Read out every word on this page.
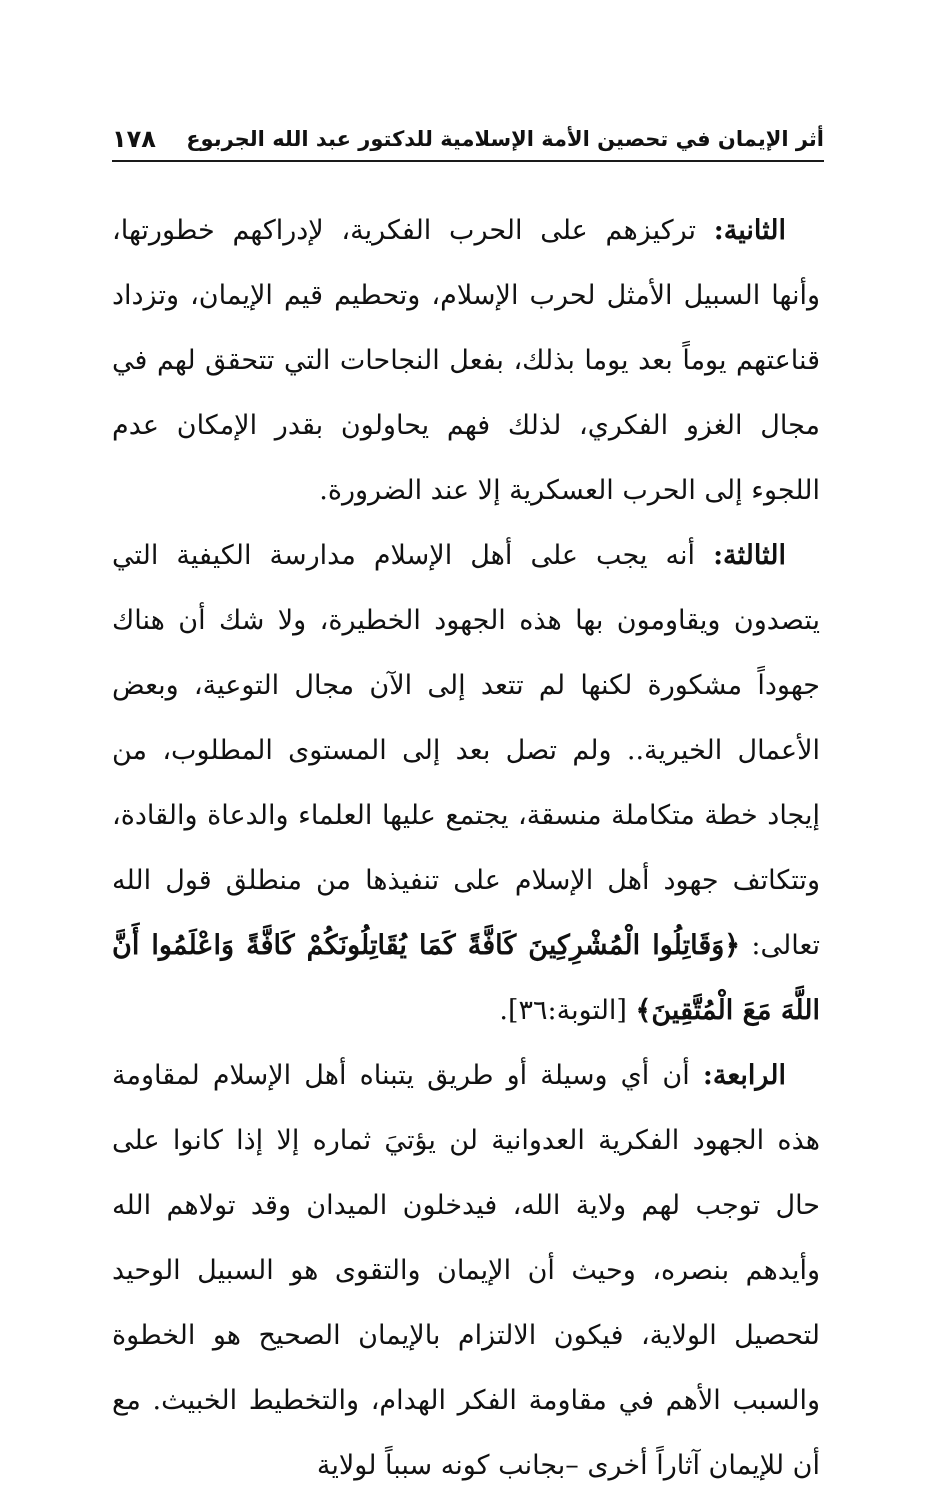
أثر الإيمان في تحصين الأمة الإسلامية للدكتور عبد الله الجربوع
١٧٨

الثانية: تركيزهم على الحرب الفكرية، لإدراكهم خطورتها، وأنها السبيل الأمثل لحرب الإسلام، وتحطيم قيم الإيمان، وتزداد قناعتهم يوماً بعد يوما بذلك، بفعل النجاحات التي تتحقق لهم في مجال الغزو الفكري، لذلك فهم يحاولون بقدر الإمكان عدم اللجوء إلى الحرب العسكرية إلا عند الضرورة.

الثالثة: أنه يجب على أهل الإسلام مدارسة الكيفية التي يتصدون ويقاومون بها هذه الجهود الخطيرة، ولا شك أن هناك جهوداً مشكورة لكنها لم تتعد إلى الآن مجال التوعية، وبعض الأعمال الخيرية.. ولم تصل بعد إلى المستوى المطلوب، من إيجاد خطة متكاملة منسقة، يجتمع عليها العلماء والدعاة والقادة، وتتكاتف جهود أهل الإسلام على تنفيذها من منطلق قول الله تعالى: ﴿وَقَاتِلُوا الْمُشْرِكِينَ كَافَّةً كَمَا يُقَاتِلُونَكُمْ كَافَّةً وَاعْلَمُوا أَنَّ اللَّهَ مَعَ الْمُتَّقِينَ﴾ [التوبة:٣٦].

الرابعة: أن أي وسيلة أو طريق يتبناه أهل الإسلام لمقاومة هذه الجهود الفكرية العدوانية لن يؤتيَ ثماره إلا إذا كانوا على حال توجب لهم ولاية الله، فيدخلون الميدان وقد تولاهم الله وأيدهم بنصره، وحيث أن الإيمان والتقوى هو السبيل الوحيد لتحصيل الولاية، فيكون الالتزام بالإيمان الصحيح هو الخطوة والسبب الأهم في مقاومة الفكر الهدام، والتخطيط الخبيث. مع أن للإيمان آثاراً أخرى –بجانب كونه سبباً لولاية
